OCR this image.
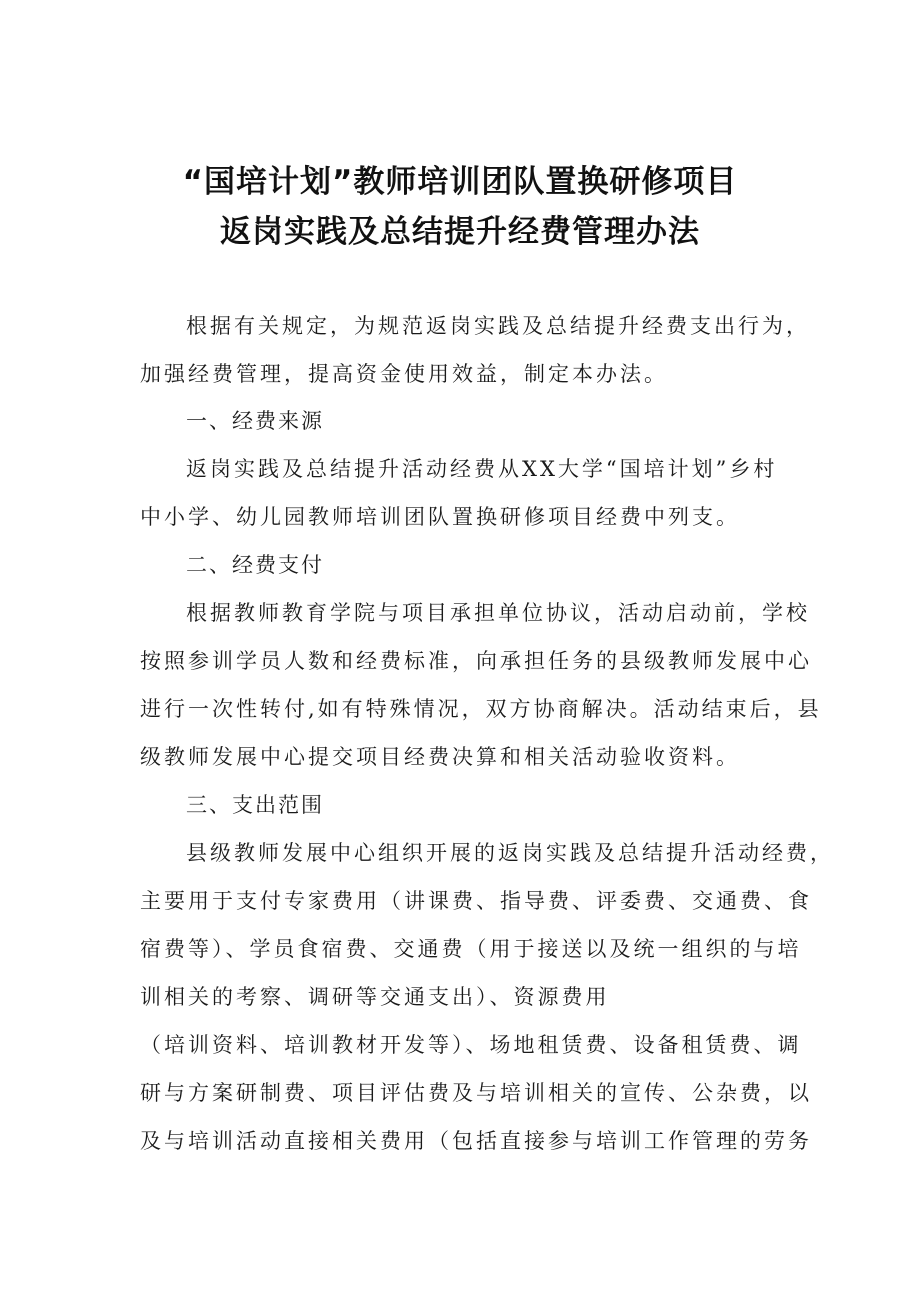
“国培计划”教师培训团队置换研修项目
返岗实践及总结提升经费管理办法
根据有关规定，为规范返岗实践及总结提升经费支出行为，
加强经费管理，提高资金使用效益，制定本办法。
一、经费来源
返岗实践及总结提升活动经费从XX大学“国培计划”乡村
中小学、幼儿园教师培训团队置换研修项目经费中列支。
二、经费支付
根据教师教育学院与项目承担单位协议，活动启动前，学校
按照参训学员人数和经费标准，向承担任务的县级教师发展中心
进行一次性转付,如有特殊情况，双方协商解决。活动结束后，县
级教师发展中心提交项目经费决算和相关活动验收资料。
三、支出范围
县级教师发展中心组织开展的返岗实践及总结提升活动经费，
主要用于支付专家费用（讲课费、指导费、评委费、交通费、食
宿费等）、学员食宿费、交通费（用于接送以及统一组织的与培
训相关的考察、调研等交通支出）、资源费用
（培训资料、培训教材开发等）、场地租赁费、设备租赁费、调
研与方案研制费、项目评估费及与培训相关的宣传、公杂费，以
及与培训活动直接相关费用（包括直接参与培训工作管理的劳务
